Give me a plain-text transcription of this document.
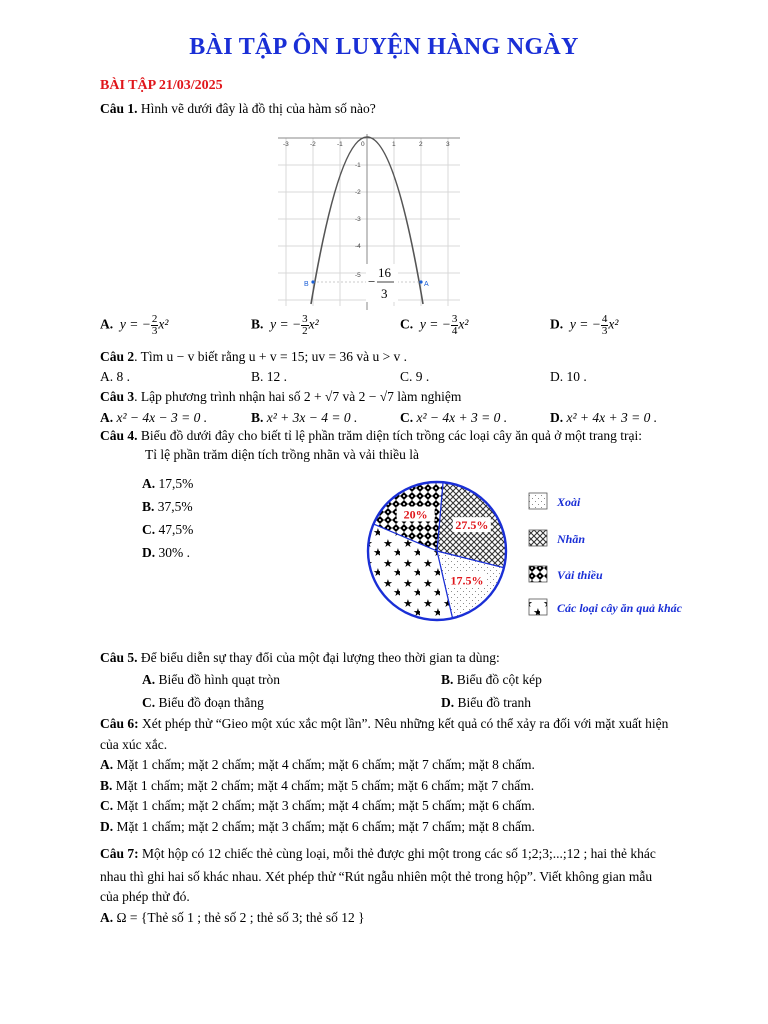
BÀI TẬP ÔN LUYỆN HÀNG NGÀY
BÀI TẬP 21/03/2025
Câu 1. Hình vẽ dưới đây là đồ thị của hàm số nào?
-3	-2	-1	0	1	2	3
-1
-2
-3
-4
-5
B	A
−
16
3
A. y = − $\frac{2}{3} x^2$	B. y = − $\frac{3}{2} x^2$	C. y = − $\frac{3}{4} x^2$	D. y = − $\frac{4}{3} x^2$
Câu 2. Tìm u − v biết rằng u + v = 15; uv = 36 và u > v .
A. 8 .	B. 12 .	C. 9 .	D. 10 .
Câu 3. Lập phương trình nhận hai số 2 + √7 và 2 − √7 làm nghiệm
A. x² − 4x − 3 = 0 .	B. x² + 3x − 4 = 0 .	C. x² − 4x + 3 = 0 .	D. x² + 4x + 3 = 0 .
Câu 4. Biểu đồ dưới đây cho biết tỉ lệ phần trăm diện tích trồng các loại cây ăn quả ở một trang trại:
Tỉ lệ phần trăm diện tích trồng nhãn và vải thiều là
A. 17,5%
B. 37,5%
C. 47,5%
D. 30% .
17.5%
27.5%
20%
Xoài
Nhãn
Vải thiều
Các loại cây ăn quả khác
Câu 5. Để biểu diễn sự thay đổi của một đại lượng theo thời gian ta dùng:
A. Biểu đồ hình quạt tròn	B. Biểu đồ cột kép
C. Biểu đồ đoạn thẳng	D. Biểu đồ tranh
Câu 6: Xét phép thử “Gieo một xúc xắc một lần”. Nêu những kết quả có thể xảy ra đối với mặt xuất hiện
của xúc xắc.
A. Mặt 1 chấm; mặt 2 chấm; mặt 4 chấm; mặt 6 chấm; mặt 7 chấm; mặt 8 chấm.
B. Mặt 1 chấm; mặt 2 chấm; mặt 4 chấm; mặt 5 chấm; mặt 6 chấm; mặt 7 chấm.
C. Mặt 1 chấm; mặt 2 chấm; mặt 3 chấm; mặt 4 chấm; mặt 5 chấm; mặt 6 chấm.
D. Mặt 1 chấm; mặt 2 chấm; mặt 3 chấm; mặt 6 chấm; mặt 7 chấm; mặt 8 chấm.
Câu 7: Một hộp có 12 chiếc thẻ cùng loại, mỗi thẻ được ghi một trong các số 1;2;3;...;12 ; hai thẻ khác
nhau thì ghi hai số khác nhau. Xét phép thử “Rút ngẫu nhiên một thẻ trong hộp”. Viết không gian mẫu
của phép thử đó.
A. Ω = {Thẻ số 1 ; thẻ số 2 ; thẻ số 3; thẻ số 12 }
